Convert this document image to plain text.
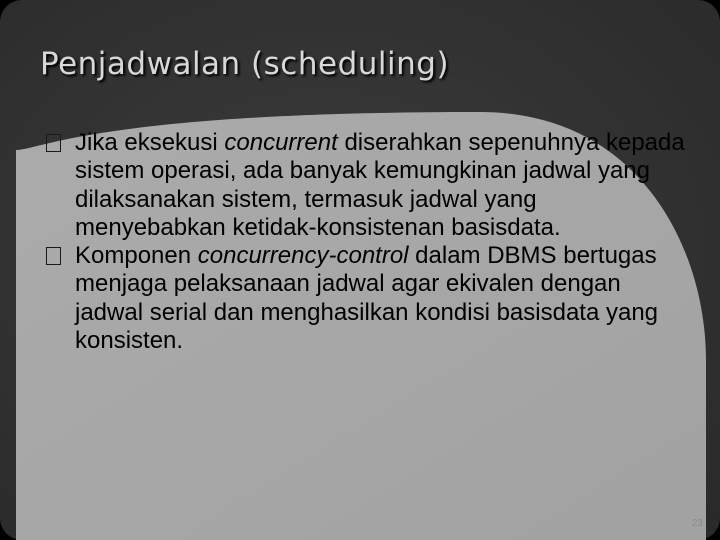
Penjadwalan (scheduling)
Jika eksekusi concurrent diserahkan sepenuhnya kepada sistem operasi, ada banyak kemungkinan jadwal yang dilaksanakan sistem, termasuk jadwal yang menyebabkan ketidak-konsistenan basisdata.
Komponen concurrency-control dalam DBMS bertugas menjaga pelaksanaan jadwal agar ekivalen dengan jadwal serial dan menghasilkan kondisi basisdata yang konsisten.
23
